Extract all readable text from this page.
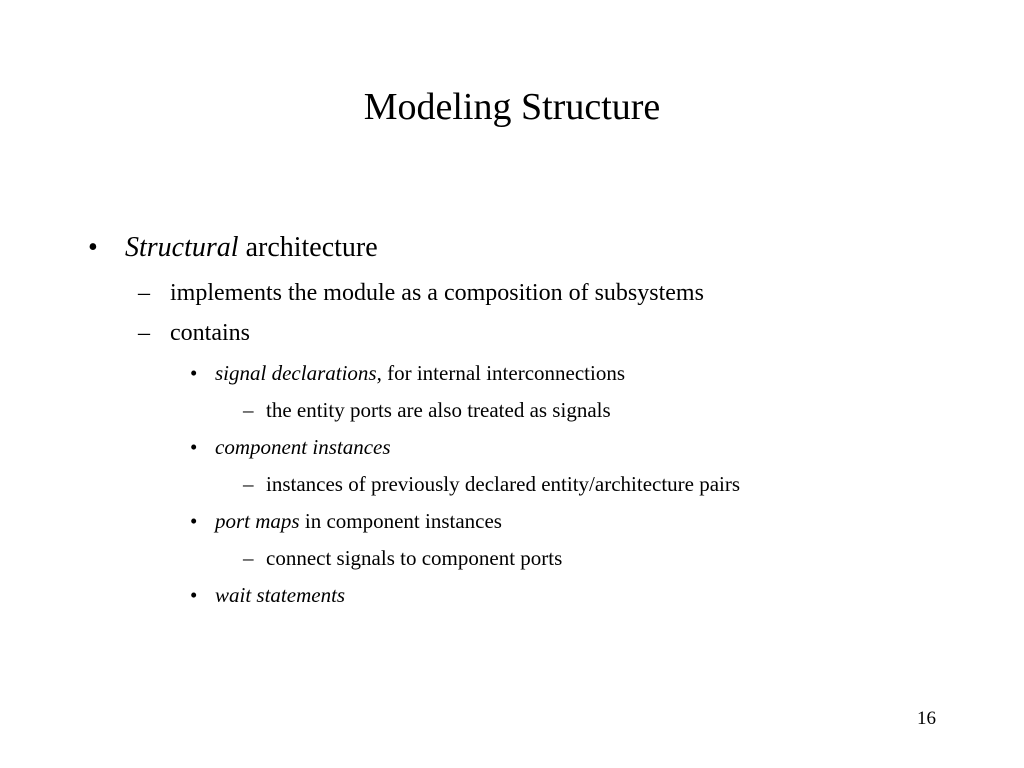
Modeling Structure
• Structural architecture
– implements the module as a composition of subsystems
– contains
• signal declarations, for internal interconnections
– the entity ports are also treated as signals
• component instances
– instances of previously declared entity/architecture pairs
• port maps in component instances
– connect signals to component ports
• wait statements
16
